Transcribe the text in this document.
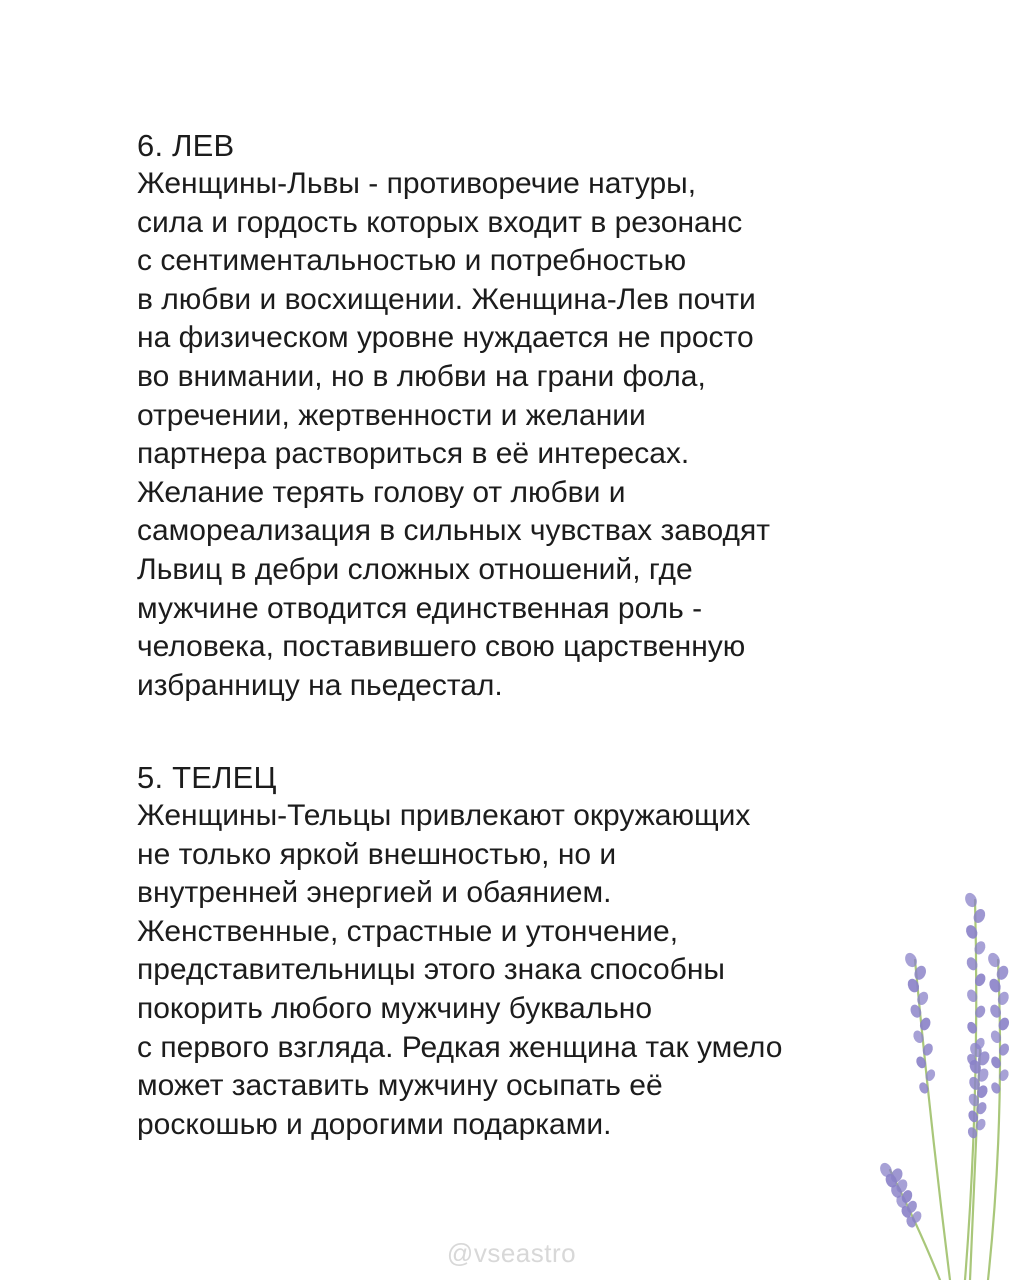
6. ЛЕВ
Женщины-Львы - противоречие натуры,
сила и гордость которых входит в резонанс
с сентиментальностью и потребностью
в любви и восхищении. Женщина-Лев почти
на физическом уровне нуждается не просто
во внимании, но в любви на грани фола,
отречении, жертвенности и желании
партнера раствориться в её интересах.
Желание терять голову от любви и
самореализация в сильных чувствах заводят
Львиц в дебри сложных отношений, где
мужчине отводится единственная роль -
человека, поставившего свою царственную
избранницу на пьедестал.
5. ТЕЛЕЦ
Женщины-Тельцы привлекают окружающих
не только яркой внешностью, но и
внутренней энергией и обаянием.
Женственные, страстные и утончение,
представительницы этого знака способны
покорить любого мужчину буквально
с первого взгляда. Редкая женщина так умело
может заставить мужчину осыпать её
роскошью и дорогими подарками.
@vseastro
